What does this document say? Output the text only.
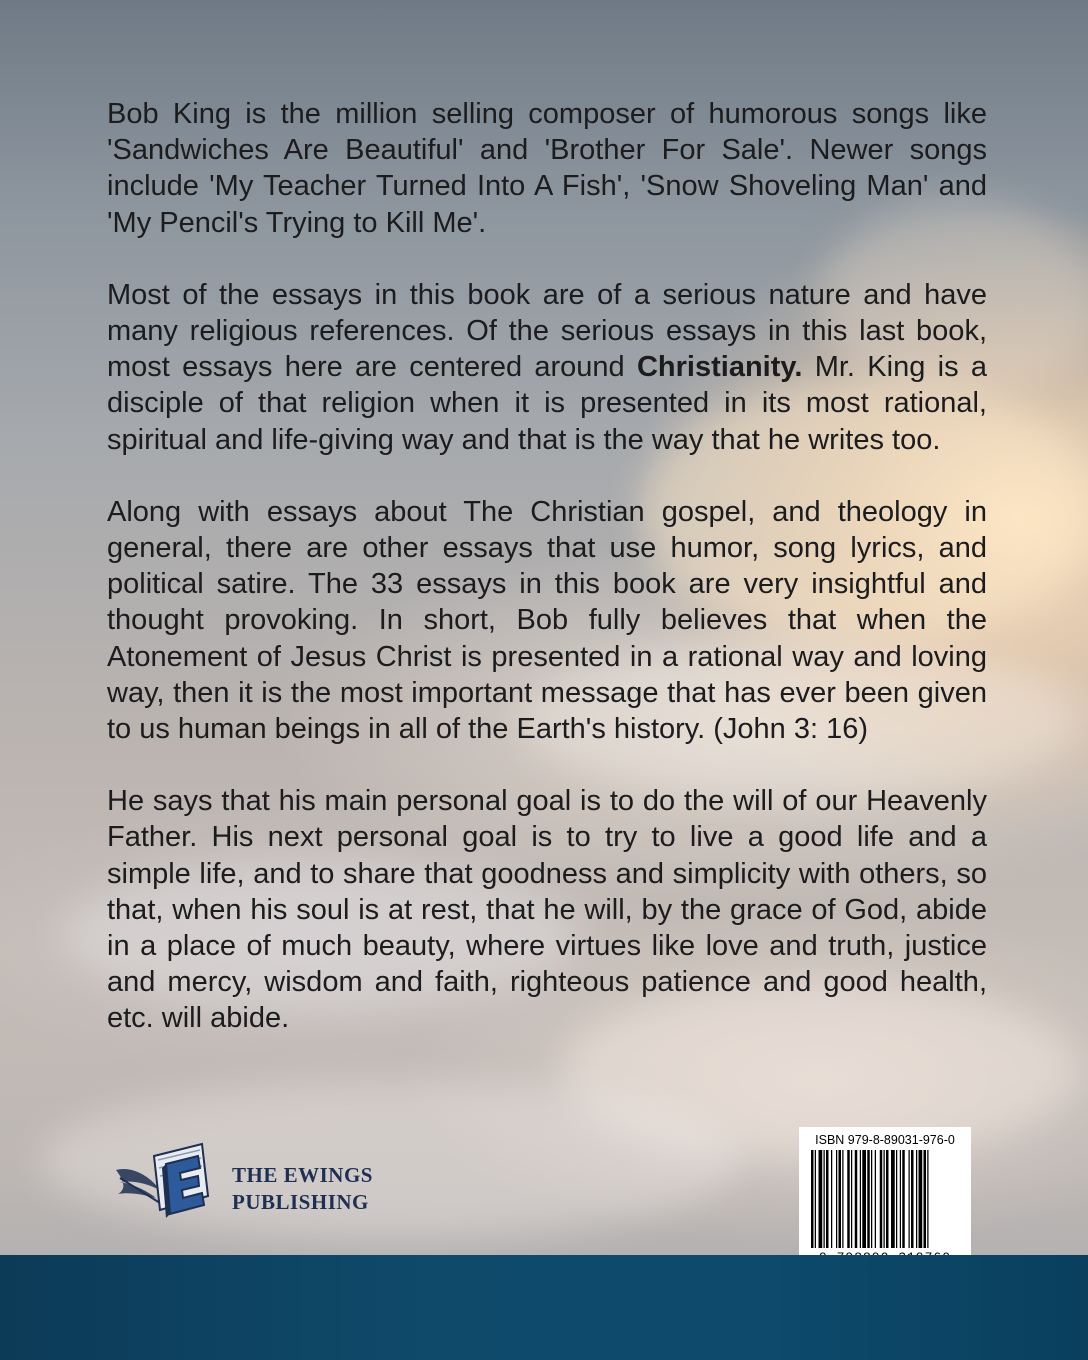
Bob King is the million selling composer of humorous songs like 'Sandwiches Are Beautiful' and 'Brother For Sale'. Newer songs include 'My Teacher Turned Into A Fish', 'Snow Shoveling Man' and 'My Pencil's Trying to Kill Me'.

Most of the essays in this book are of a serious nature and have many religious references. Of the serious essays in this last book, most essays here are centered around Christianity. Mr. King is a disciple of that religion when it is presented in its most rational, spiritual and life-giving way and that is the way that he writes too.

Along with essays about The Christian gospel, and theology in general, there are other essays that use humor, song lyrics, and political satire. The 33 essays in this book are very insightful and thought provoking. In short, Bob fully believes that when the Atonement of Jesus Christ is presented in a rational way and loving way, then it is the most important message that has ever been given to us human beings in all of the Earth's history. (John 3: 16)

He says that his main personal goal is to do the will of our Heavenly Father. His next personal goal is to try to live a good life and a simple life, and to share that goodness and simplicity with others, so that, when his soul is at rest, that he will, by the grace of God, abide in a place of much beauty, where virtues like love and truth, justice and mercy, wisdom and faith, righteous patience and good health, etc. will abide.

THE EWINGS
PUBLISHING
ISBN 979-8-89031-976-0
